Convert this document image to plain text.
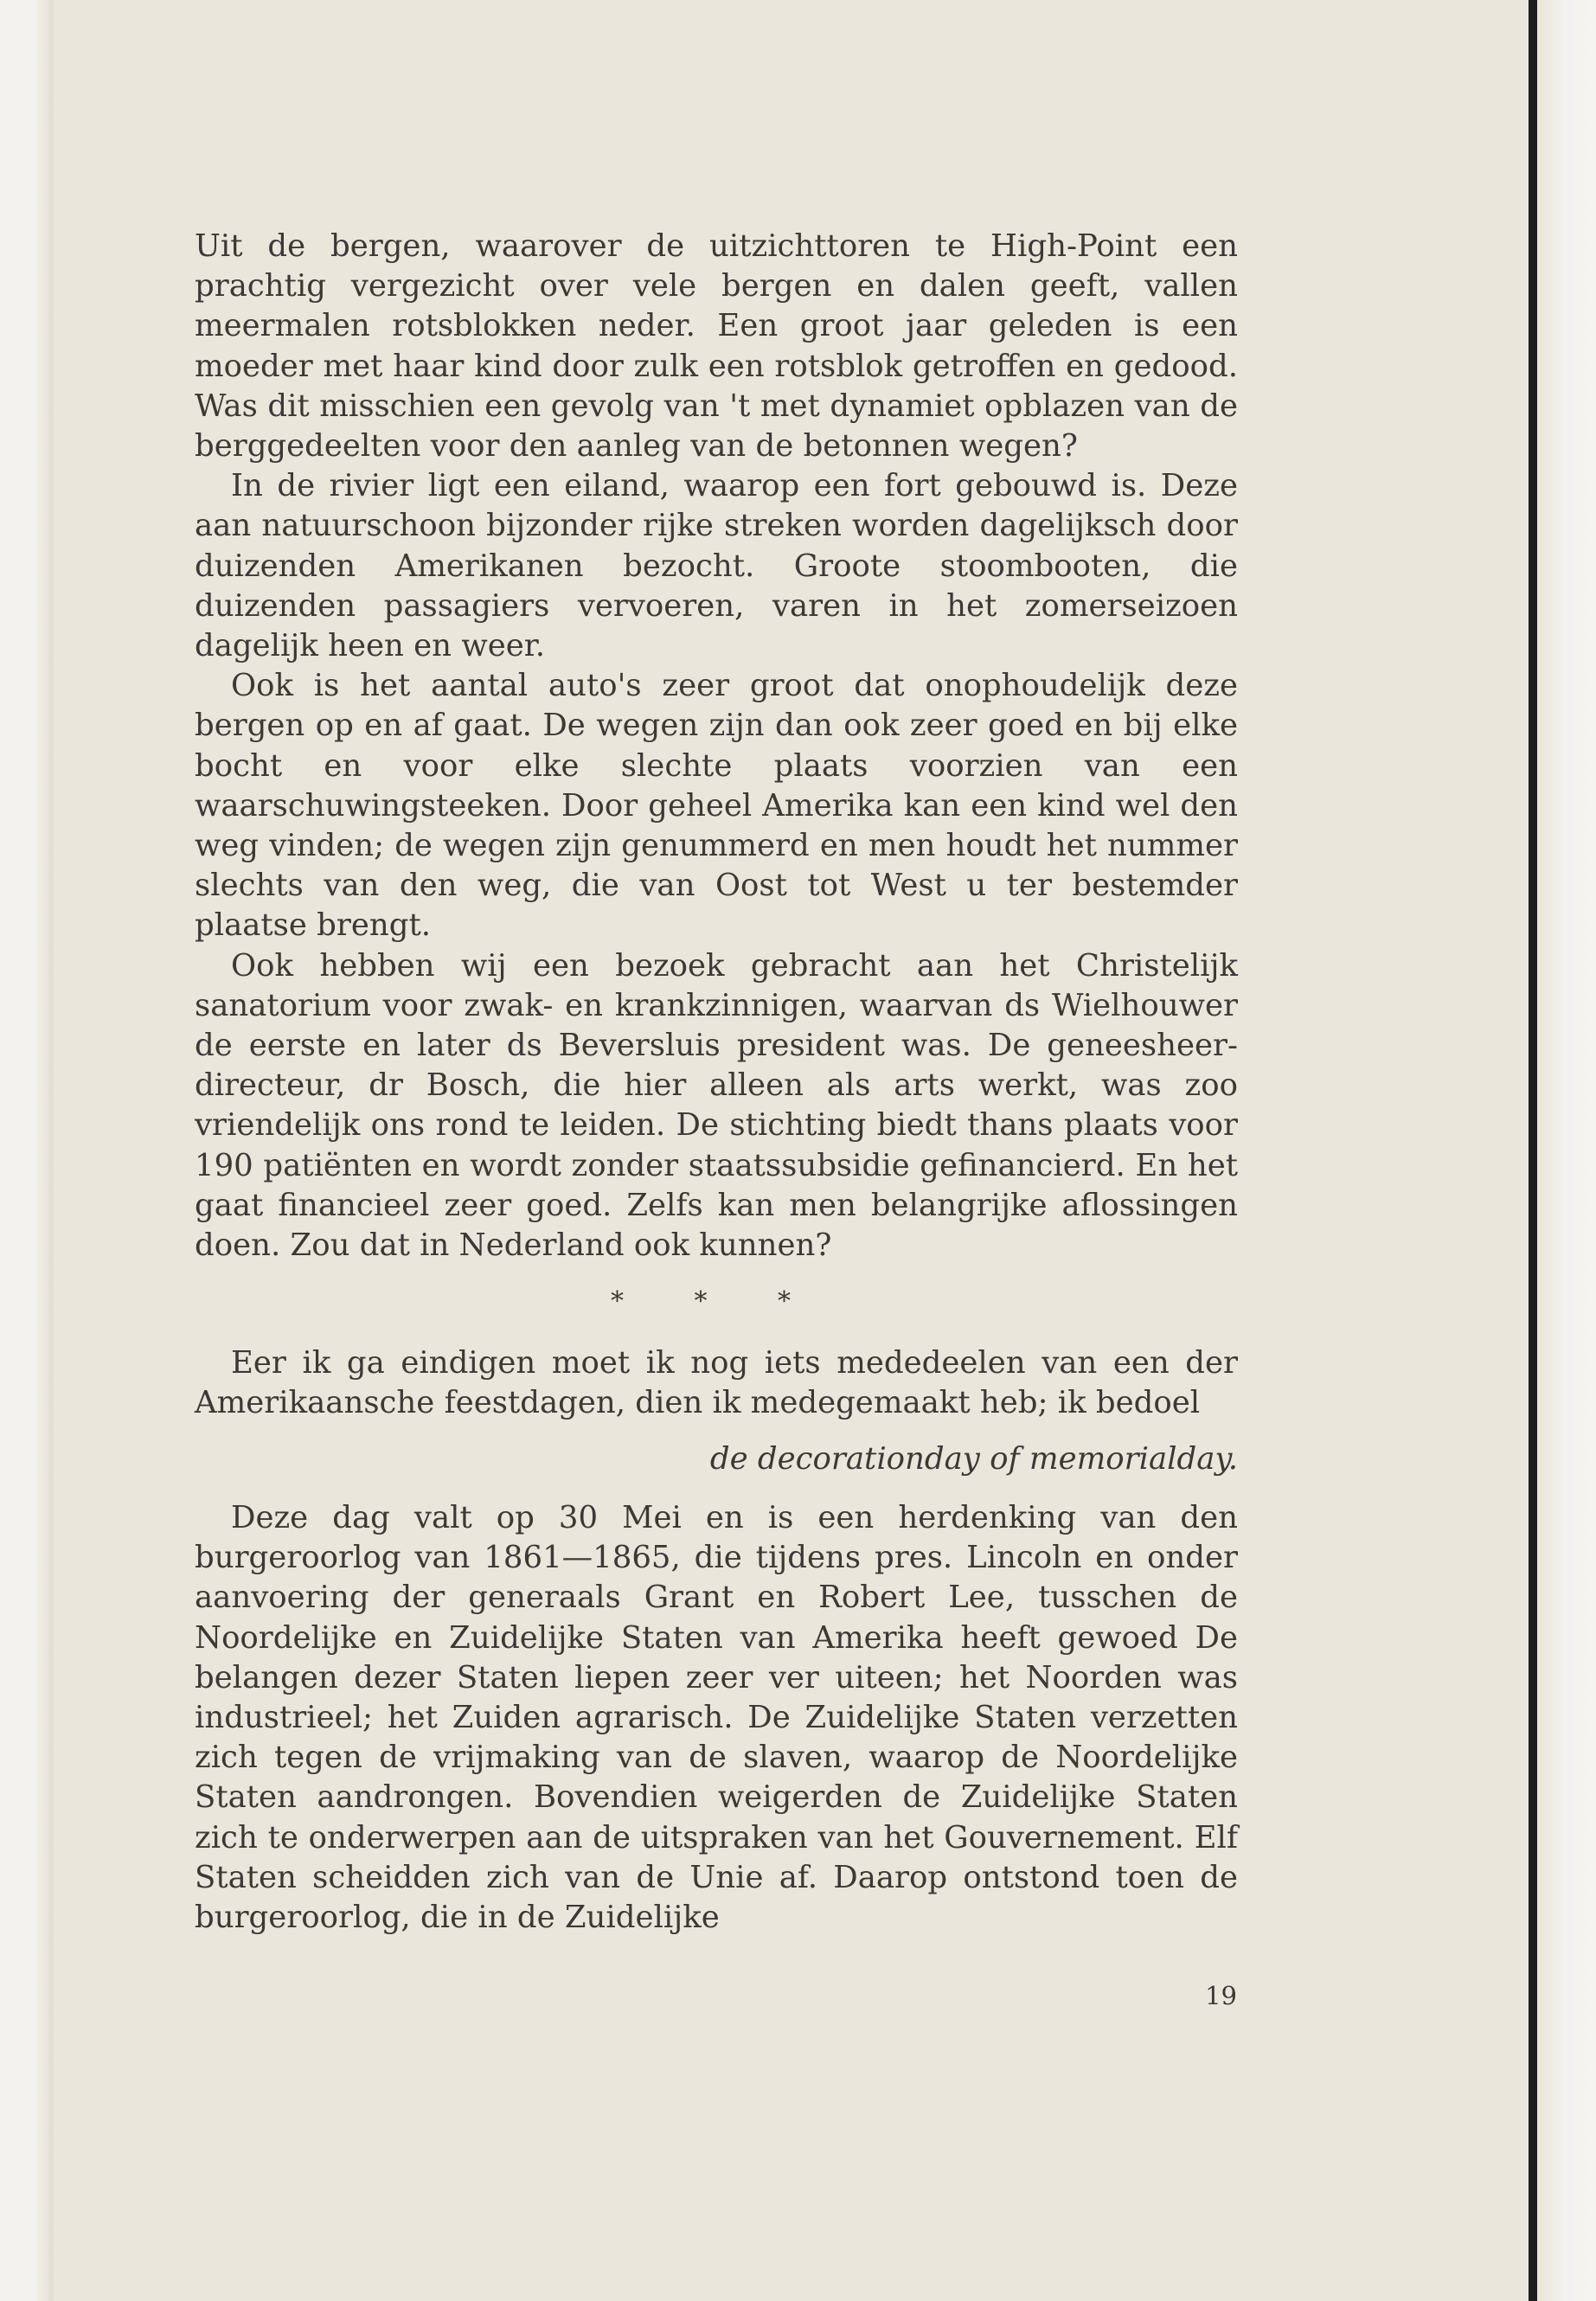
Uit de bergen, waarover de uitzichttoren te High-Point een prachtig vergezicht over vele bergen en dalen geeft, vallen meermalen rotsblokken neder. Een groot jaar geleden is een moeder met haar kind door zulk een rotsblok getroffen en gedood. Was dit misschien een gevolg van 't met dynamiet opblazen van de berggedeelten voor den aanleg van de betonnen wegen?

In de rivier ligt een eiland, waarop een fort gebouwd is. Deze aan natuurschoon bijzonder rijke streken worden dagelijksch door duizenden Amerikanen bezocht. Groote stoombooten, die duizenden passagiers vervoeren, varen in het zomerseizoen dagelijk heen en weer.

Ook is het aantal auto's zeer groot dat onophoudelijk deze bergen op en af gaat. De wegen zijn dan ook zeer goed en bij elke bocht en voor elke slechte plaats voorzien van een waarschuwingsteeken. Door geheel Amerika kan een kind wel den weg vinden; de wegen zijn genummerd en men houdt het nummer slechts van den weg, die van Oost tot West u ter bestemder plaatse brengt.

Ook hebben wij een bezoek gebracht aan het Christelijk sanatorium voor zwak- en krankzinnigen, waarvan ds Wielhouwer de eerste en later ds Beversluis president was. De geneesheer-directeur, dr Bosch, die hier alleen als arts werkt, was zoo vriendelijk ons rond te leiden. De stichting biedt thans plaats voor 190 patiënten en wordt zonder staatssubsidie gefinancierd. En het gaat financieel zeer goed. Zelfs kan men belangrijke aflossingen doen. Zou dat in Nederland ook kunnen?

* * *

Eer ik ga eindigen moet ik nog iets mededeelen van een der Amerikaansche feestdagen, dien ik medegemaakt heb; ik bedoel

de decorationday of memorialday.

Deze dag valt op 30 Mei en is een herdenking van den burgeroorlog van 1861—1865, die tijdens pres. Lincoln en onder aanvoering der generaals Grant en Robert Lee, tusschen de Noordelijke en Zuidelijke Staten van Amerika heeft gewoed De belangen dezer Staten liepen zeer ver uiteen; het Noorden was industrieel; het Zuiden agrarisch. De Zuidelijke Staten verzetten zich tegen de vrijmaking van de slaven, waarop de Noordelijke Staten aandrongen. Bovendien weigerden de Zuidelijke Staten zich te onderwerpen aan de uitspraken van het Gouvernement. Elf Staten scheidden zich van de Unie af. Daarop ontstond toen de burgeroorlog, die in de Zuidelijke

19
